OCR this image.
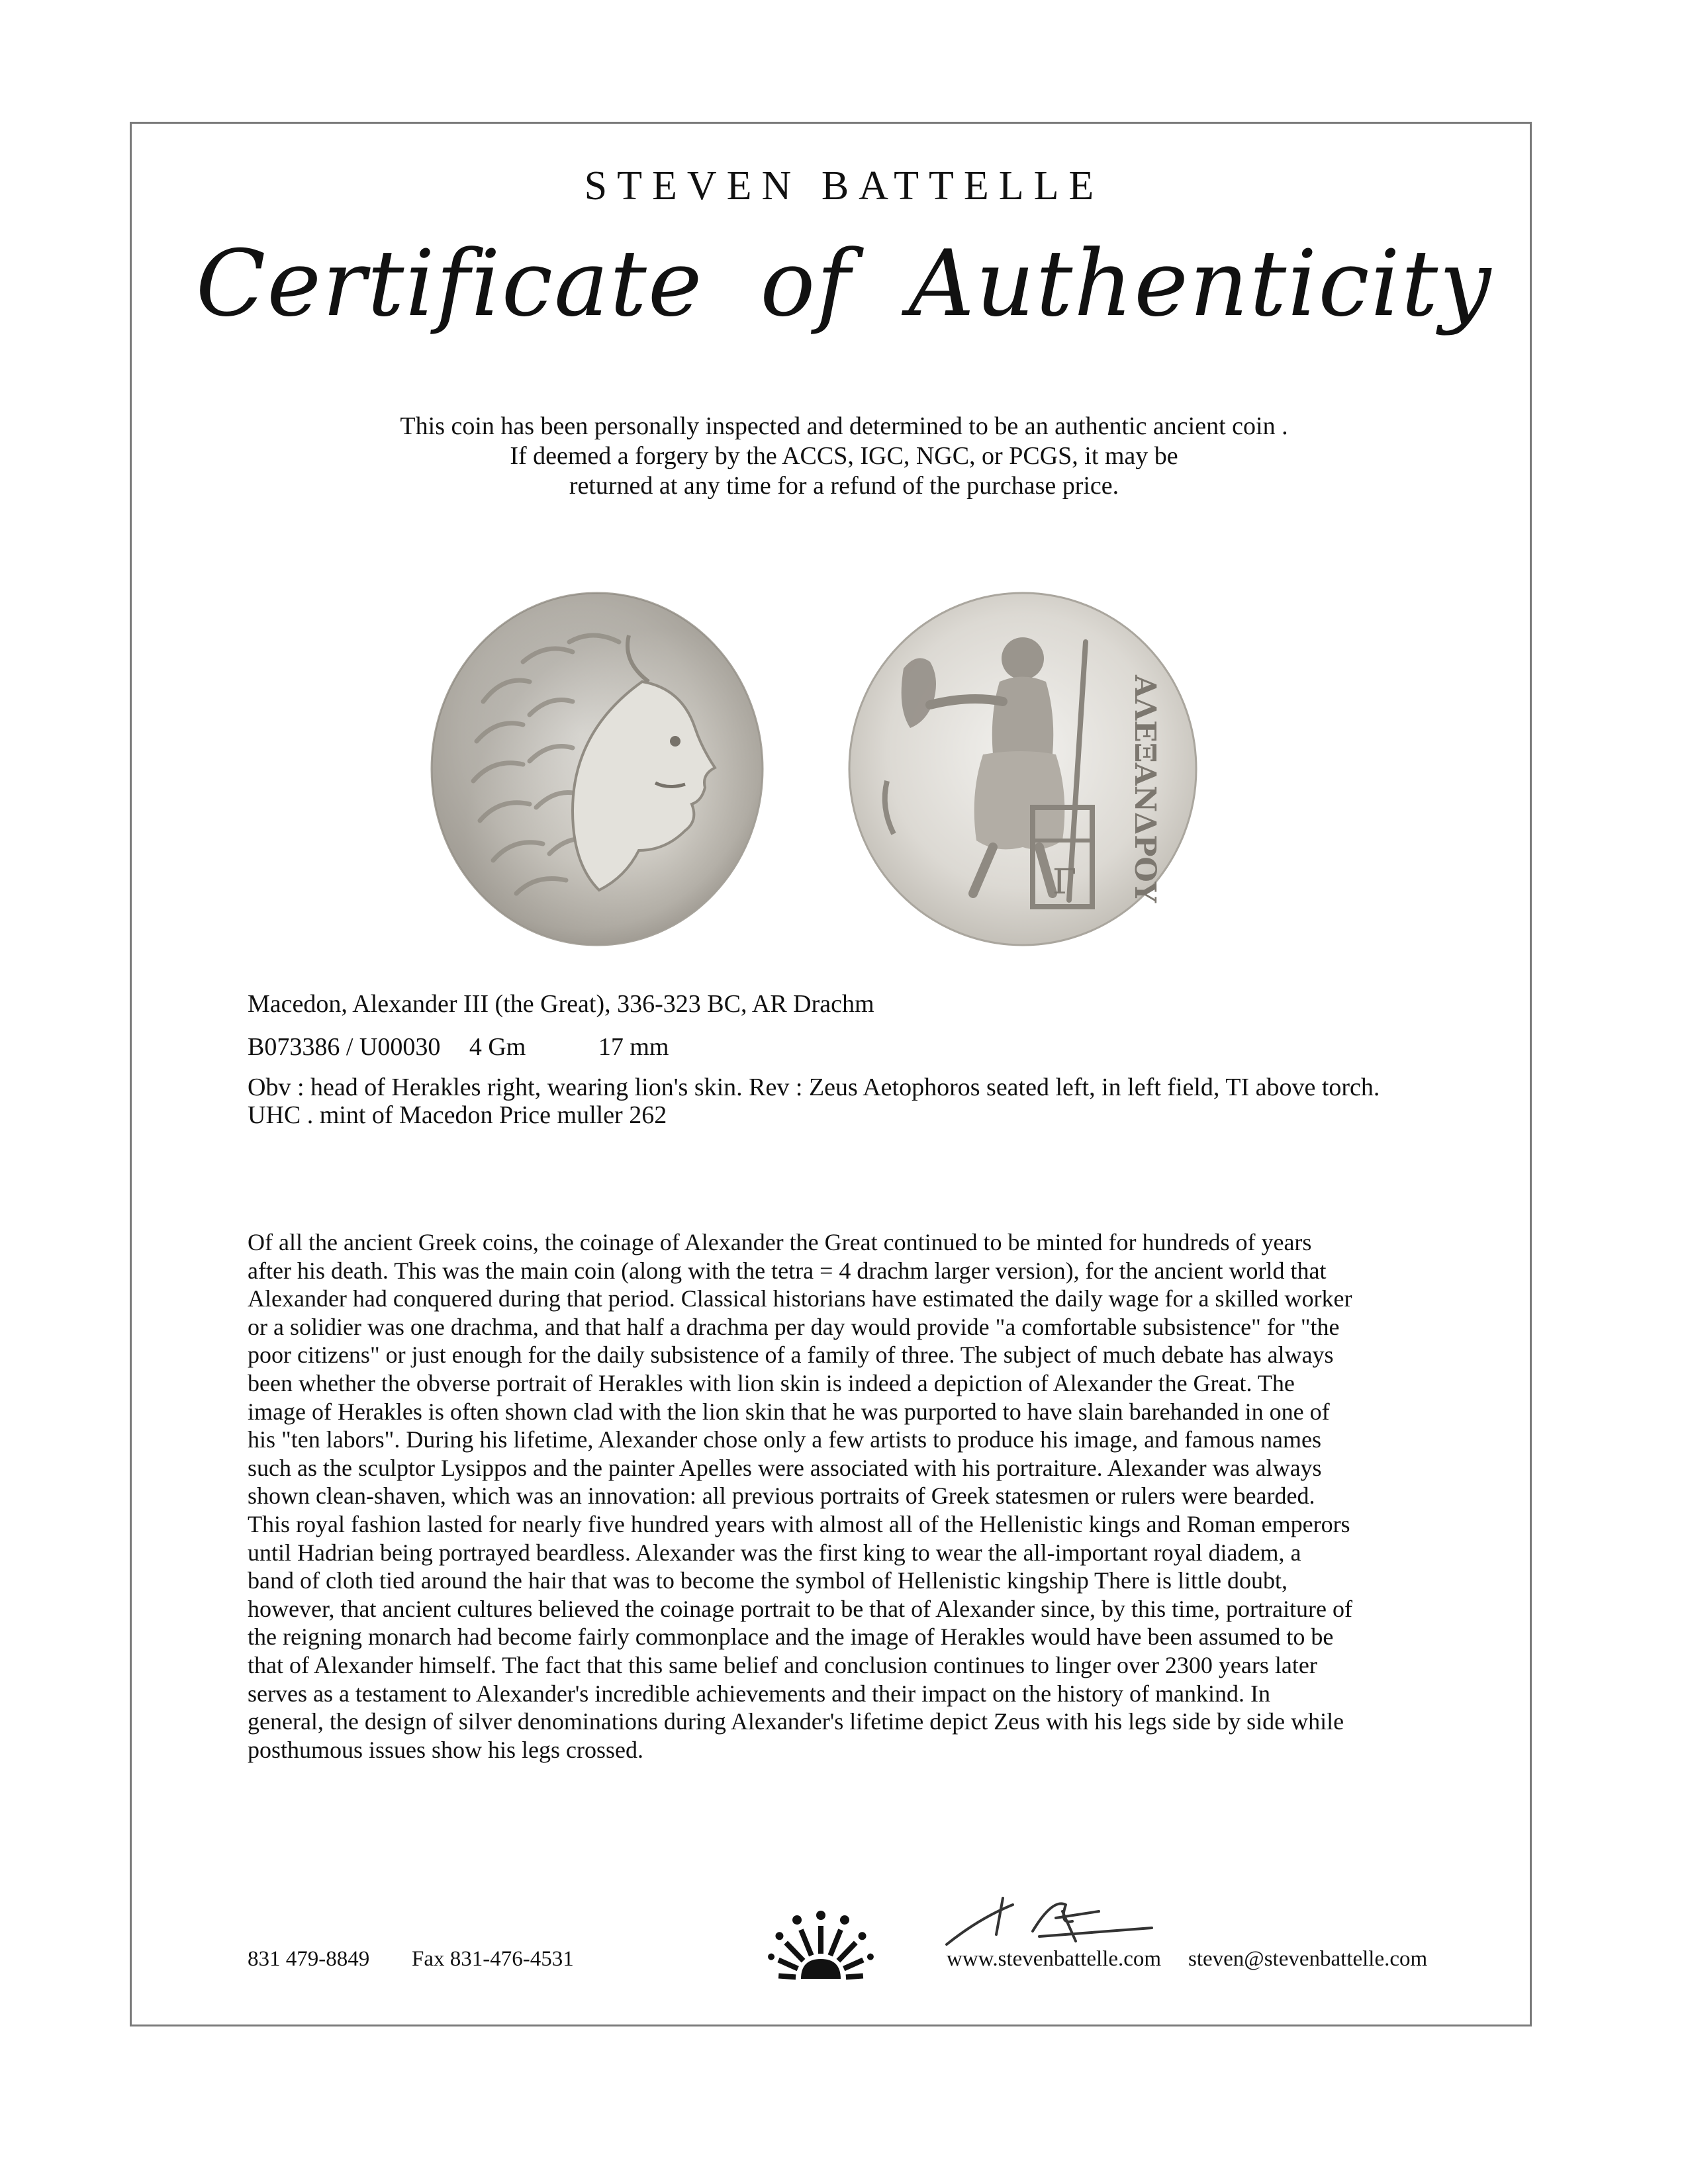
STEVEN BATTELLE
Certificate of Authenticity
This coin has been personally inspected and determined to be an authentic ancient coin .
If deemed a forgery by the ACCS, IGC, NGC, or PCGS, it may be
returned at any time for a refund of the purchase price.
Γ ΑΛΕΞΑΝΔΡΟΥ
Macedon, Alexander III (the Great), 336-323 BC, AR Drachm
B073386 / U00030 4 Gm	17 mm
Obv : head of Herakles right, wearing lion's skin. Rev : Zeus Aetophoros seated left, in left field, TI above torch.
UHC . mint of Macedon Price muller 262
Of all the ancient Greek coins, the coinage of Alexander the Great continued to be minted for hundreds of years
after his death. This was the main coin (along with the tetra = 4 drachm larger version), for the ancient world that
Alexander had conquered during that period. Classical historians have estimated the daily wage for a skilled worker
or a solidier was one drachma, and that half a drachma per day would provide "a comfortable subsistence" for "the
poor citizens" or just enough for the daily subsistence of a family of three. The subject of much debate has always
been whether the obverse portrait of Herakles with lion skin is indeed a depiction of Alexander the Great. The
image of Herakles is often shown clad with the lion skin that he was purported to have slain barehanded in one of
his "ten labors". During his lifetime, Alexander chose only a few artists to produce his image, and famous names
such as the sculptor Lysippos and the painter Apelles were associated with his portraiture. Alexander was always
shown clean-shaven, which was an innovation: all previous portraits of Greek statesmen or rulers were bearded.
This royal fashion lasted for nearly five hundred years with almost all of the Hellenistic kings and Roman emperors
until Hadrian being portrayed beardless. Alexander was the first king to wear the all-important royal diadem, a
band of cloth tied around the hair that was to become the symbol of Hellenistic kingship There is little doubt,
however, that ancient cultures believed the coinage portrait to be that of Alexander since, by this time, portraiture of
the reigning monarch had become fairly commonplace and the image of Herakles would have been assumed to be
that of Alexander himself. The fact that this same belief and conclusion continues to linger over 2300 years later
serves as a testament to Alexander's incredible achievements and their impact on the history of mankind. In
general, the design of silver denominations during Alexander's lifetime depict Zeus with his legs side by side while
posthumous issues show his legs crossed.
831 479-8849 Fax 831-476-4531	www.stevenbattelle.com steven@stevenbattelle.com
